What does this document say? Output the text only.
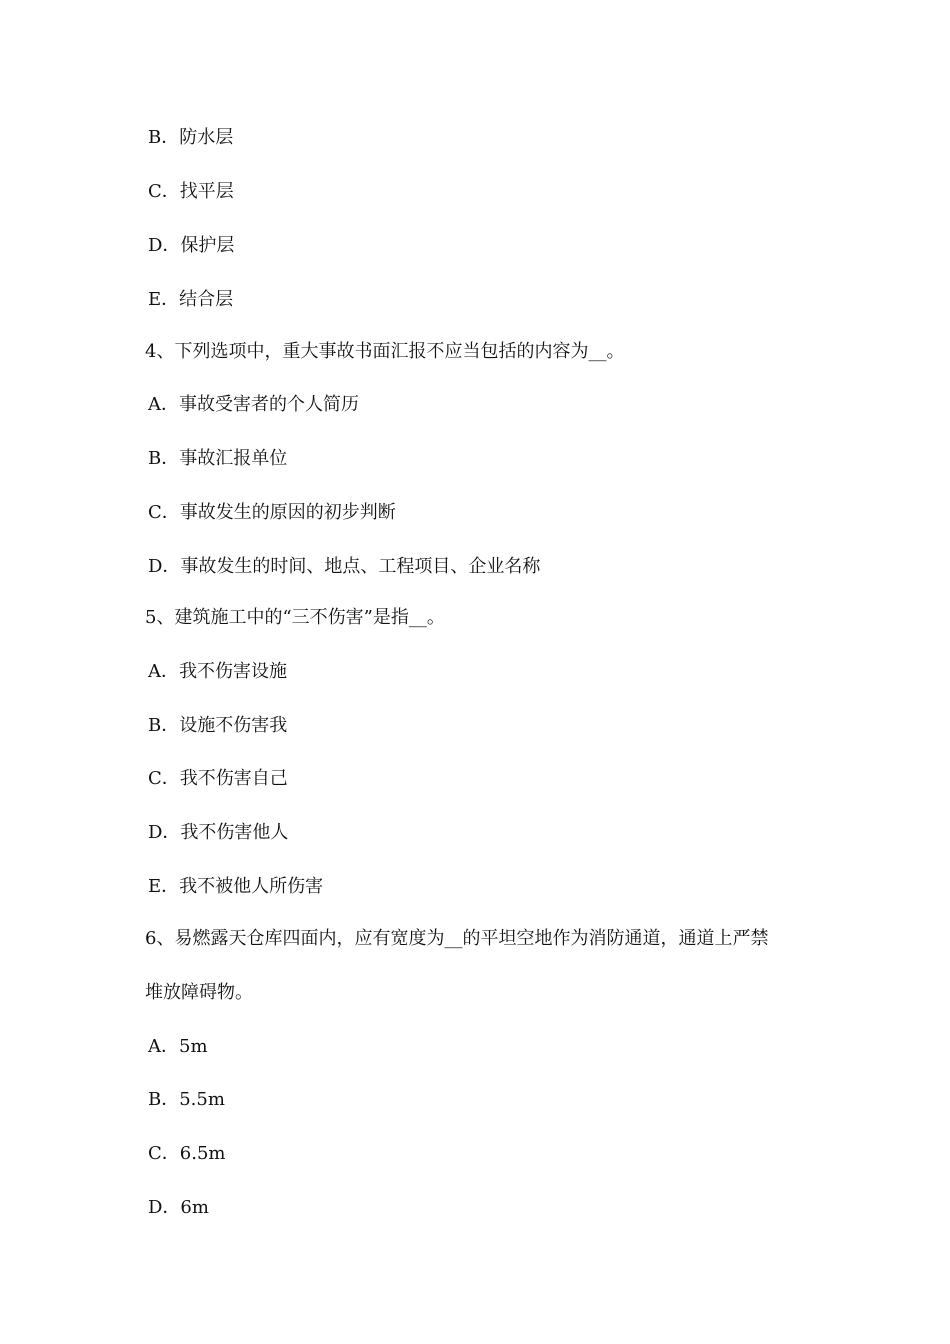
B．防水层
C．找平层
D．保护层
E．结合层
4、下列选项中，重大事故书面汇报不应当包括的内容为__。
A．事故受害者的个人简历
B．事故汇报单位
C．事故发生的原因的初步判断
D．事故发生的时间、地点、工程项目、企业名称
5、建筑施工中的“三不伤害”是指__。
A．我不伤害设施
B．设施不伤害我
C．我不伤害自己
D．我不伤害他人
E．我不被他人所伤害
6、易燃露天仓库四面内，应有宽度为__的平坦空地作为消防通道，通道上严禁
堆放障碍物。
A．5m
B．5.5m
C．6.5m
D．6m
